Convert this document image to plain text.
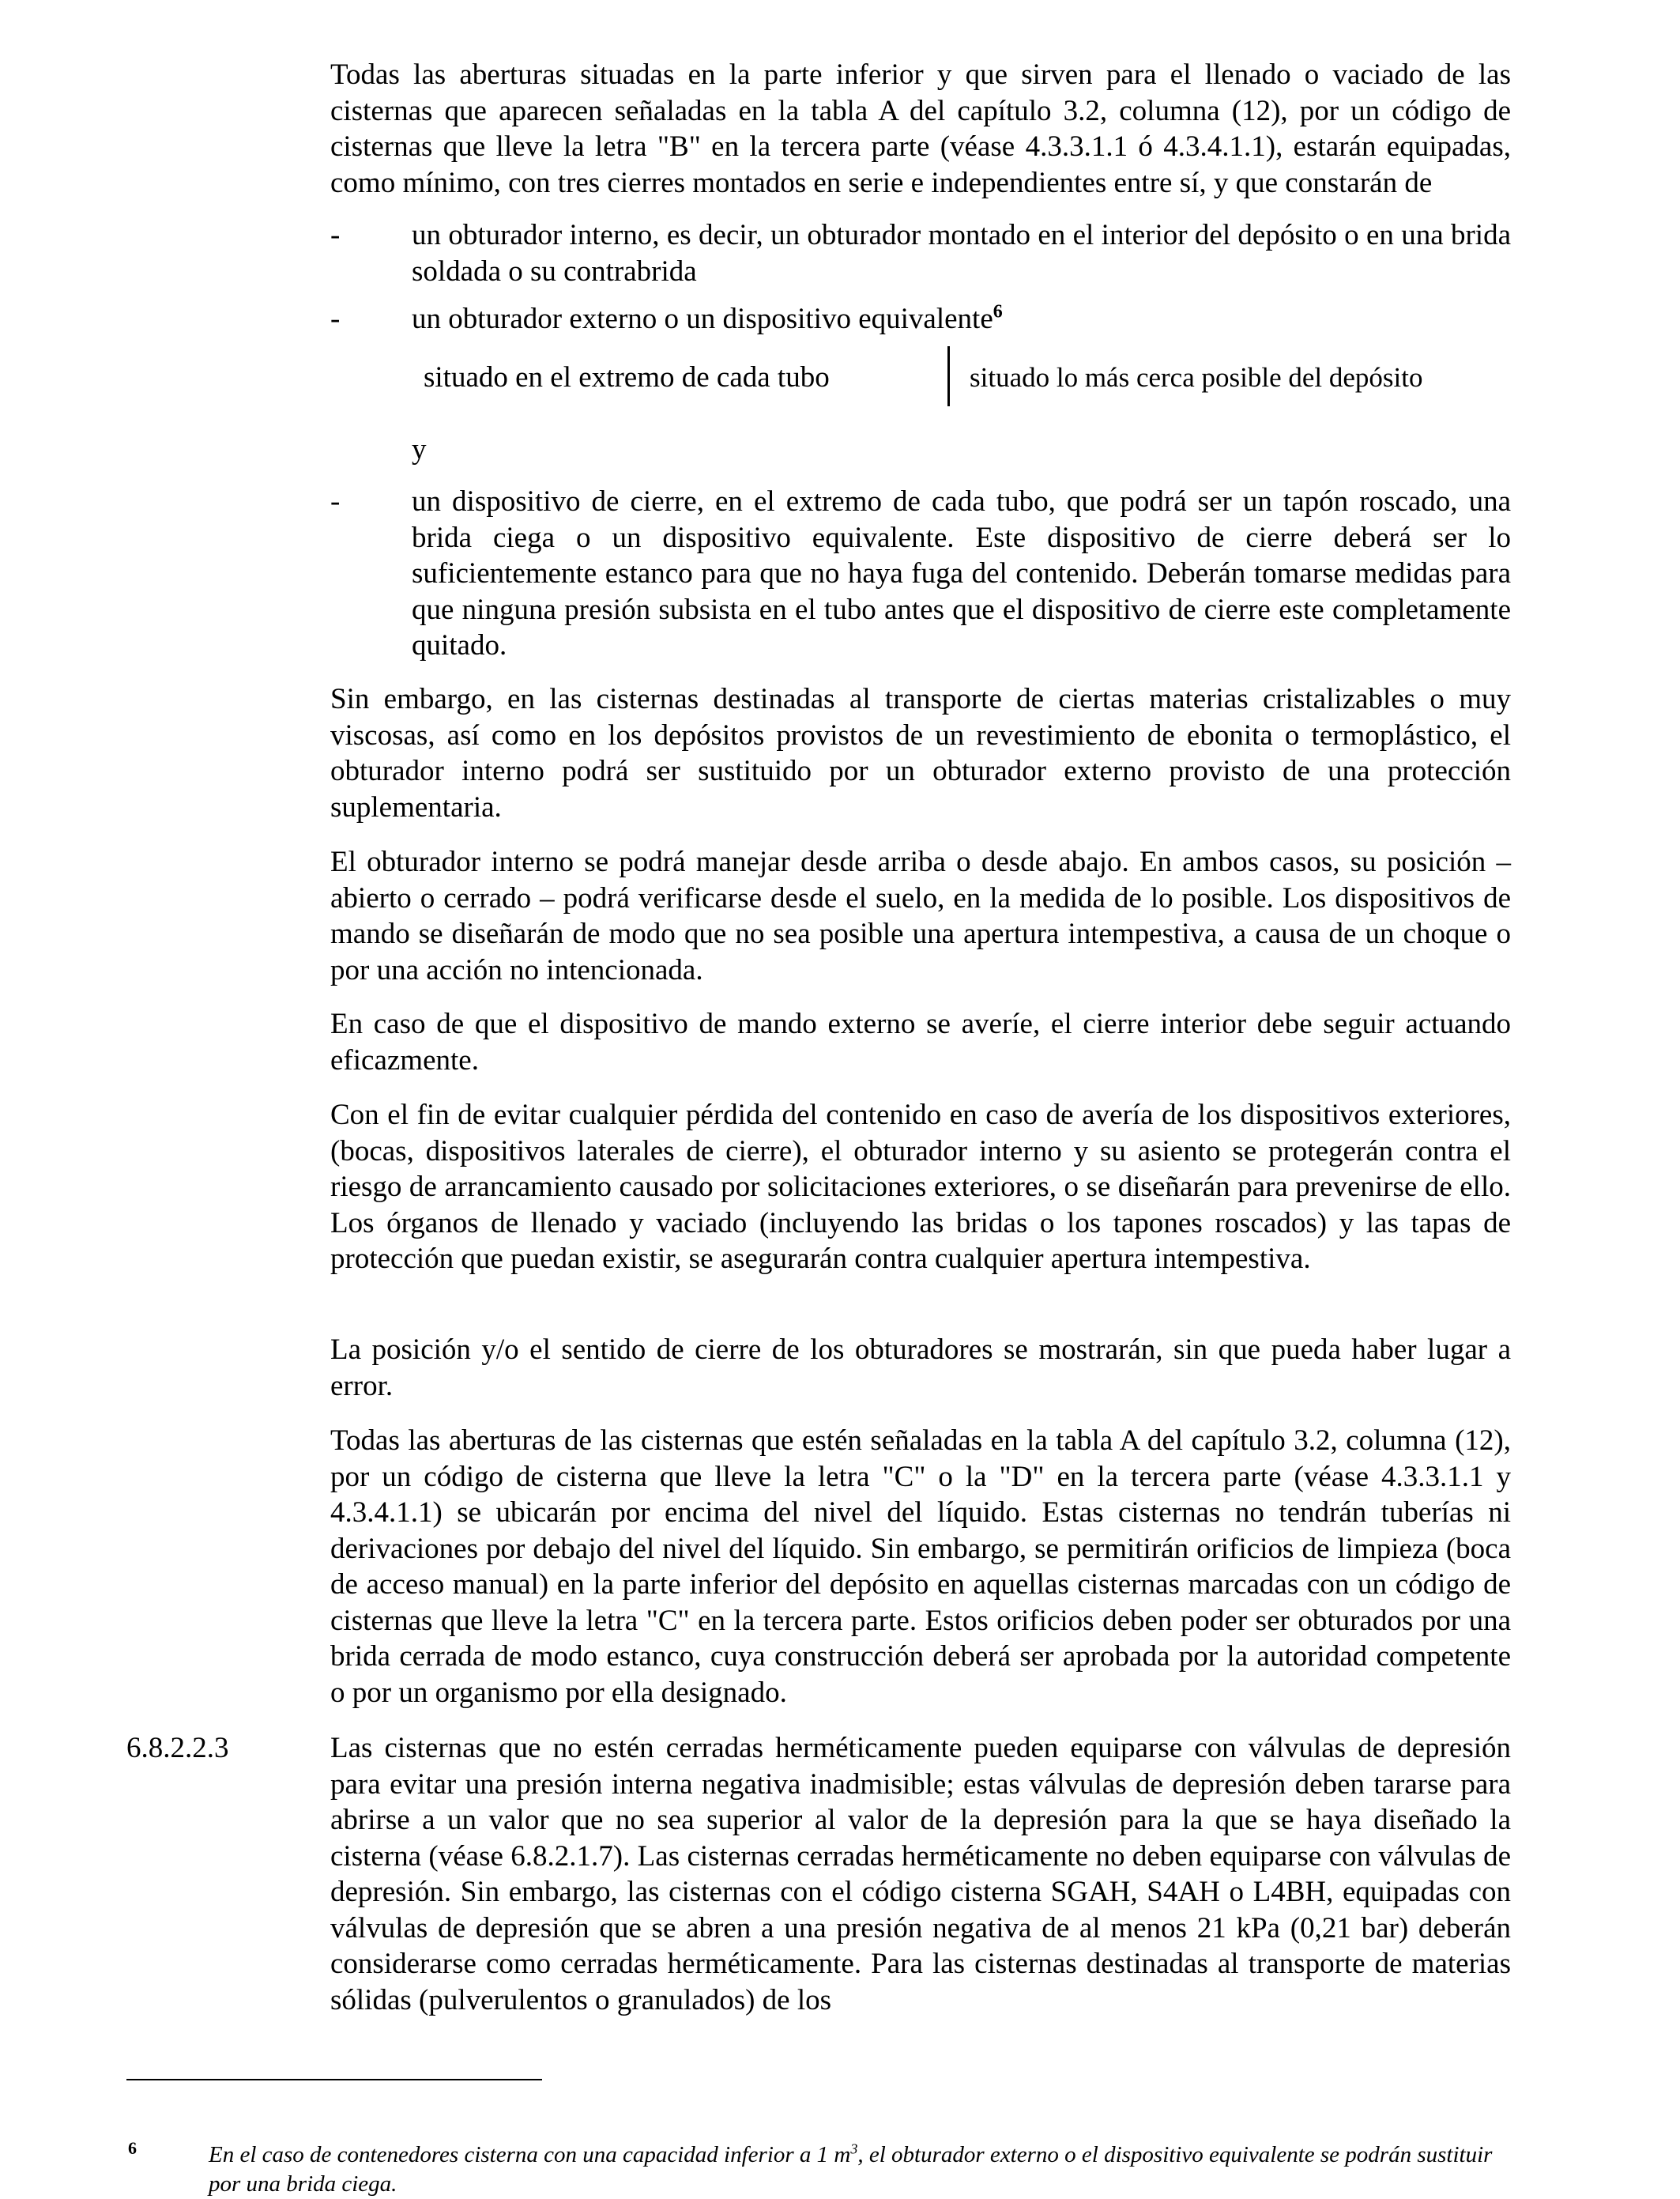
Todas las aberturas situadas en la parte inferior y que sirven para el llenado o vaciado de las cisternas que aparecen señaladas en la tabla A del capítulo 3.2, columna (12), por un código de cisternas que lleve la letra "B" en la tercera parte (véase 4.3.3.1.1 ó 4.3.4.1.1), estarán equipadas, como mínimo, con tres cierres montados en serie e independientes entre sí, y que constarán de

- un obturador interno, es decir, un obturador montado en el interior del depósito o en una brida soldada o su contrabrida

- un obturador externo o un dispositivo equivalente$^6$

situado en el extremo de cada tubo	situado lo más cerca posible del depósito
y
- un dispositivo de cierre, en el extremo de cada tubo, que podrá ser un tapón roscado, una brida ciega o un dispositivo equivalente. Este dispositivo de cierre deberá ser lo suficientemente estanco para que no haya fuga del contenido. Deberán tomarse medidas para que ninguna presión subsista en el tubo antes que el dispositivo de cierre este completamente quitado.

Sin embargo, en las cisternas destinadas al transporte de ciertas materias cristalizables o muy viscosas, así como en los depósitos provistos de un revestimiento de ebonita o termoplástico, el obturador interno podrá ser sustituido por un obturador externo provisto de una protección suplementaria.

El obturador interno se podrá manejar desde arriba o desde abajo. En ambos casos, su posición – abierto o cerrado – podrá verificarse desde el suelo, en la medida de lo posible. Los dispositivos de mando se diseñarán de modo que no sea posible una apertura intempestiva, a causa de un choque o por una acción no intencionada.

En caso de que el dispositivo de mando externo se averíe, el cierre interior debe seguir actuando eficazmente.

Con el fin de evitar cualquier pérdida del contenido en caso de avería de los dispositivos exteriores, (bocas, dispositivos laterales de cierre), el obturador interno y su asiento se protegerán contra el riesgo de arrancamiento causado por solicitaciones exteriores, o se diseñarán para prevenirse de ello. Los órganos de llenado y vaciado (incluyendo las bridas o los tapones roscados) y las tapas de protección que puedan existir, se asegurarán contra cualquier apertura intempestiva.

La posición y/o el sentido de cierre de los obturadores se mostrarán, sin que pueda haber lugar a error.

Todas las aberturas de las cisternas que estén señaladas en la tabla A del capítulo 3.2, columna (12), por un código de cisterna que lleve la letra "C" o la "D" en la tercera parte (véase 4.3.3.1.1 y 4.3.4.1.1) se ubicarán por encima del nivel del líquido. Estas cisternas no tendrán tuberías ni derivaciones por debajo del nivel del líquido. Sin embargo, se permitirán orificios de limpieza (boca de acceso manual) en la parte inferior del depósito en aquellas cisternas marcadas con un código de cisternas que lleve la letra "C" en la tercera parte. Estos orificios deben poder ser obturados por una brida cerrada de modo estanco, cuya construcción deberá ser aprobada por la autoridad competente o por un organismo por ella designado.

6.8.2.2.3	Las cisternas que no estén cerradas herméticamente pueden equiparse con válvulas de depresión para evitar una presión interna negativa inadmisible; estas válvulas de depresión deben tararse para abrirse a un valor que no sea superior al valor de la depresión para la que se haya diseñado la cisterna (véase 6.8.2.1.7). Las cisternas cerradas herméticamente no deben equiparse con válvulas de depresión. Sin embargo, las cisternas con el código cisterna SGAH, S4AH o L4BH, equipadas con válvulas de depresión que se abren a una presión negativa de al menos 21 kPa (0,21 bar) deberán considerarse como cerradas herméticamente. Para las cisternas destinadas al transporte de materias sólidas (pulverulentos o granulados) de los

6	En el caso de contenedores cisterna con una capacidad inferior a 1 $m^3$, el obturador externo o el dispositivo equivalente se podrán sustituir por una brida ciega.
